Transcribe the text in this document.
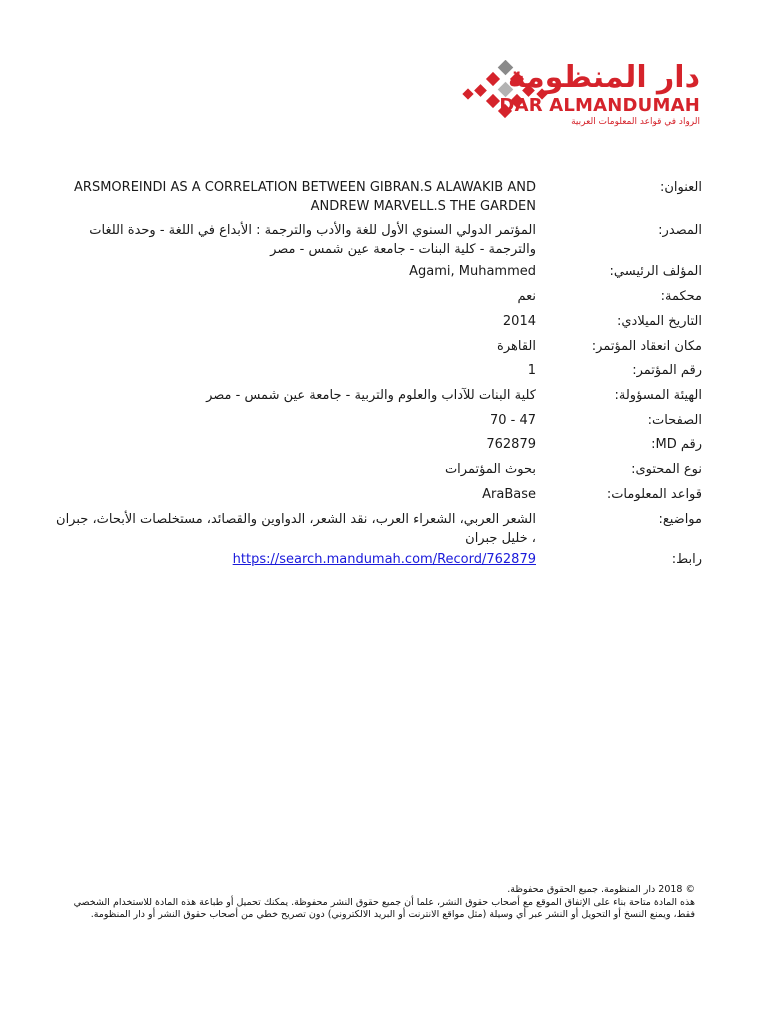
دار المنظومة
DAR ALMANDUMAH
الرواد في قواعد المعلومات العربية
العنوان:
ARSMOREINDI AS A CORRELATION BETWEEN GIBRAN.S ALAWAKIB AND ANDREW MARVELL.S THE GARDEN
المصدر:
المؤتمر الدولي السنوي الأول للغة والأدب والترجمة : الأبداع في اللغة - وحدة اللغات والترجمة - كلية البنات - جامعة عين شمس - مصر
المؤلف الرئيسي:
Agami, Muhammed
محكمة:
نعم
التاريخ الميلادي:
2014
مكان انعقاد المؤتمر:
القاهرة
رقم المؤتمر:
1
الهيئة المسؤولة:
كلية البنات للآداب والعلوم والتربية - جامعة عين شمس - مصر
الصفحات:
47 - 70
رقم MD:
762879
نوع المحتوى:
بحوث المؤتمرات
قواعد المعلومات:
AraBase
مواضيع:
الشعر العربي، الشعراء العرب، نقد الشعر، الدواوين والقصائد، مستخلصات الأبحاث، جبران ، خليل جبران
رابط:
https://search.mandumah.com/Record/762879
© 2018 دار المنظومة. جميع الحقوق محفوظة.
هذه المادة متاحة بناء على الإتفاق الموقع مع أصحاب حقوق النشر، علما أن جميع حقوق النشر محفوظة. يمكنك تحميل أو طباعة هذه المادة للاستخدام الشخصي فقط، ويمنع النسخ أو التحويل أو النشر عبر أي وسيلة (مثل مواقع الانترنت أو البريد الالكتروني) دون تصريح خطي من أصحاب حقوق النشر أو دار المنظومة.
